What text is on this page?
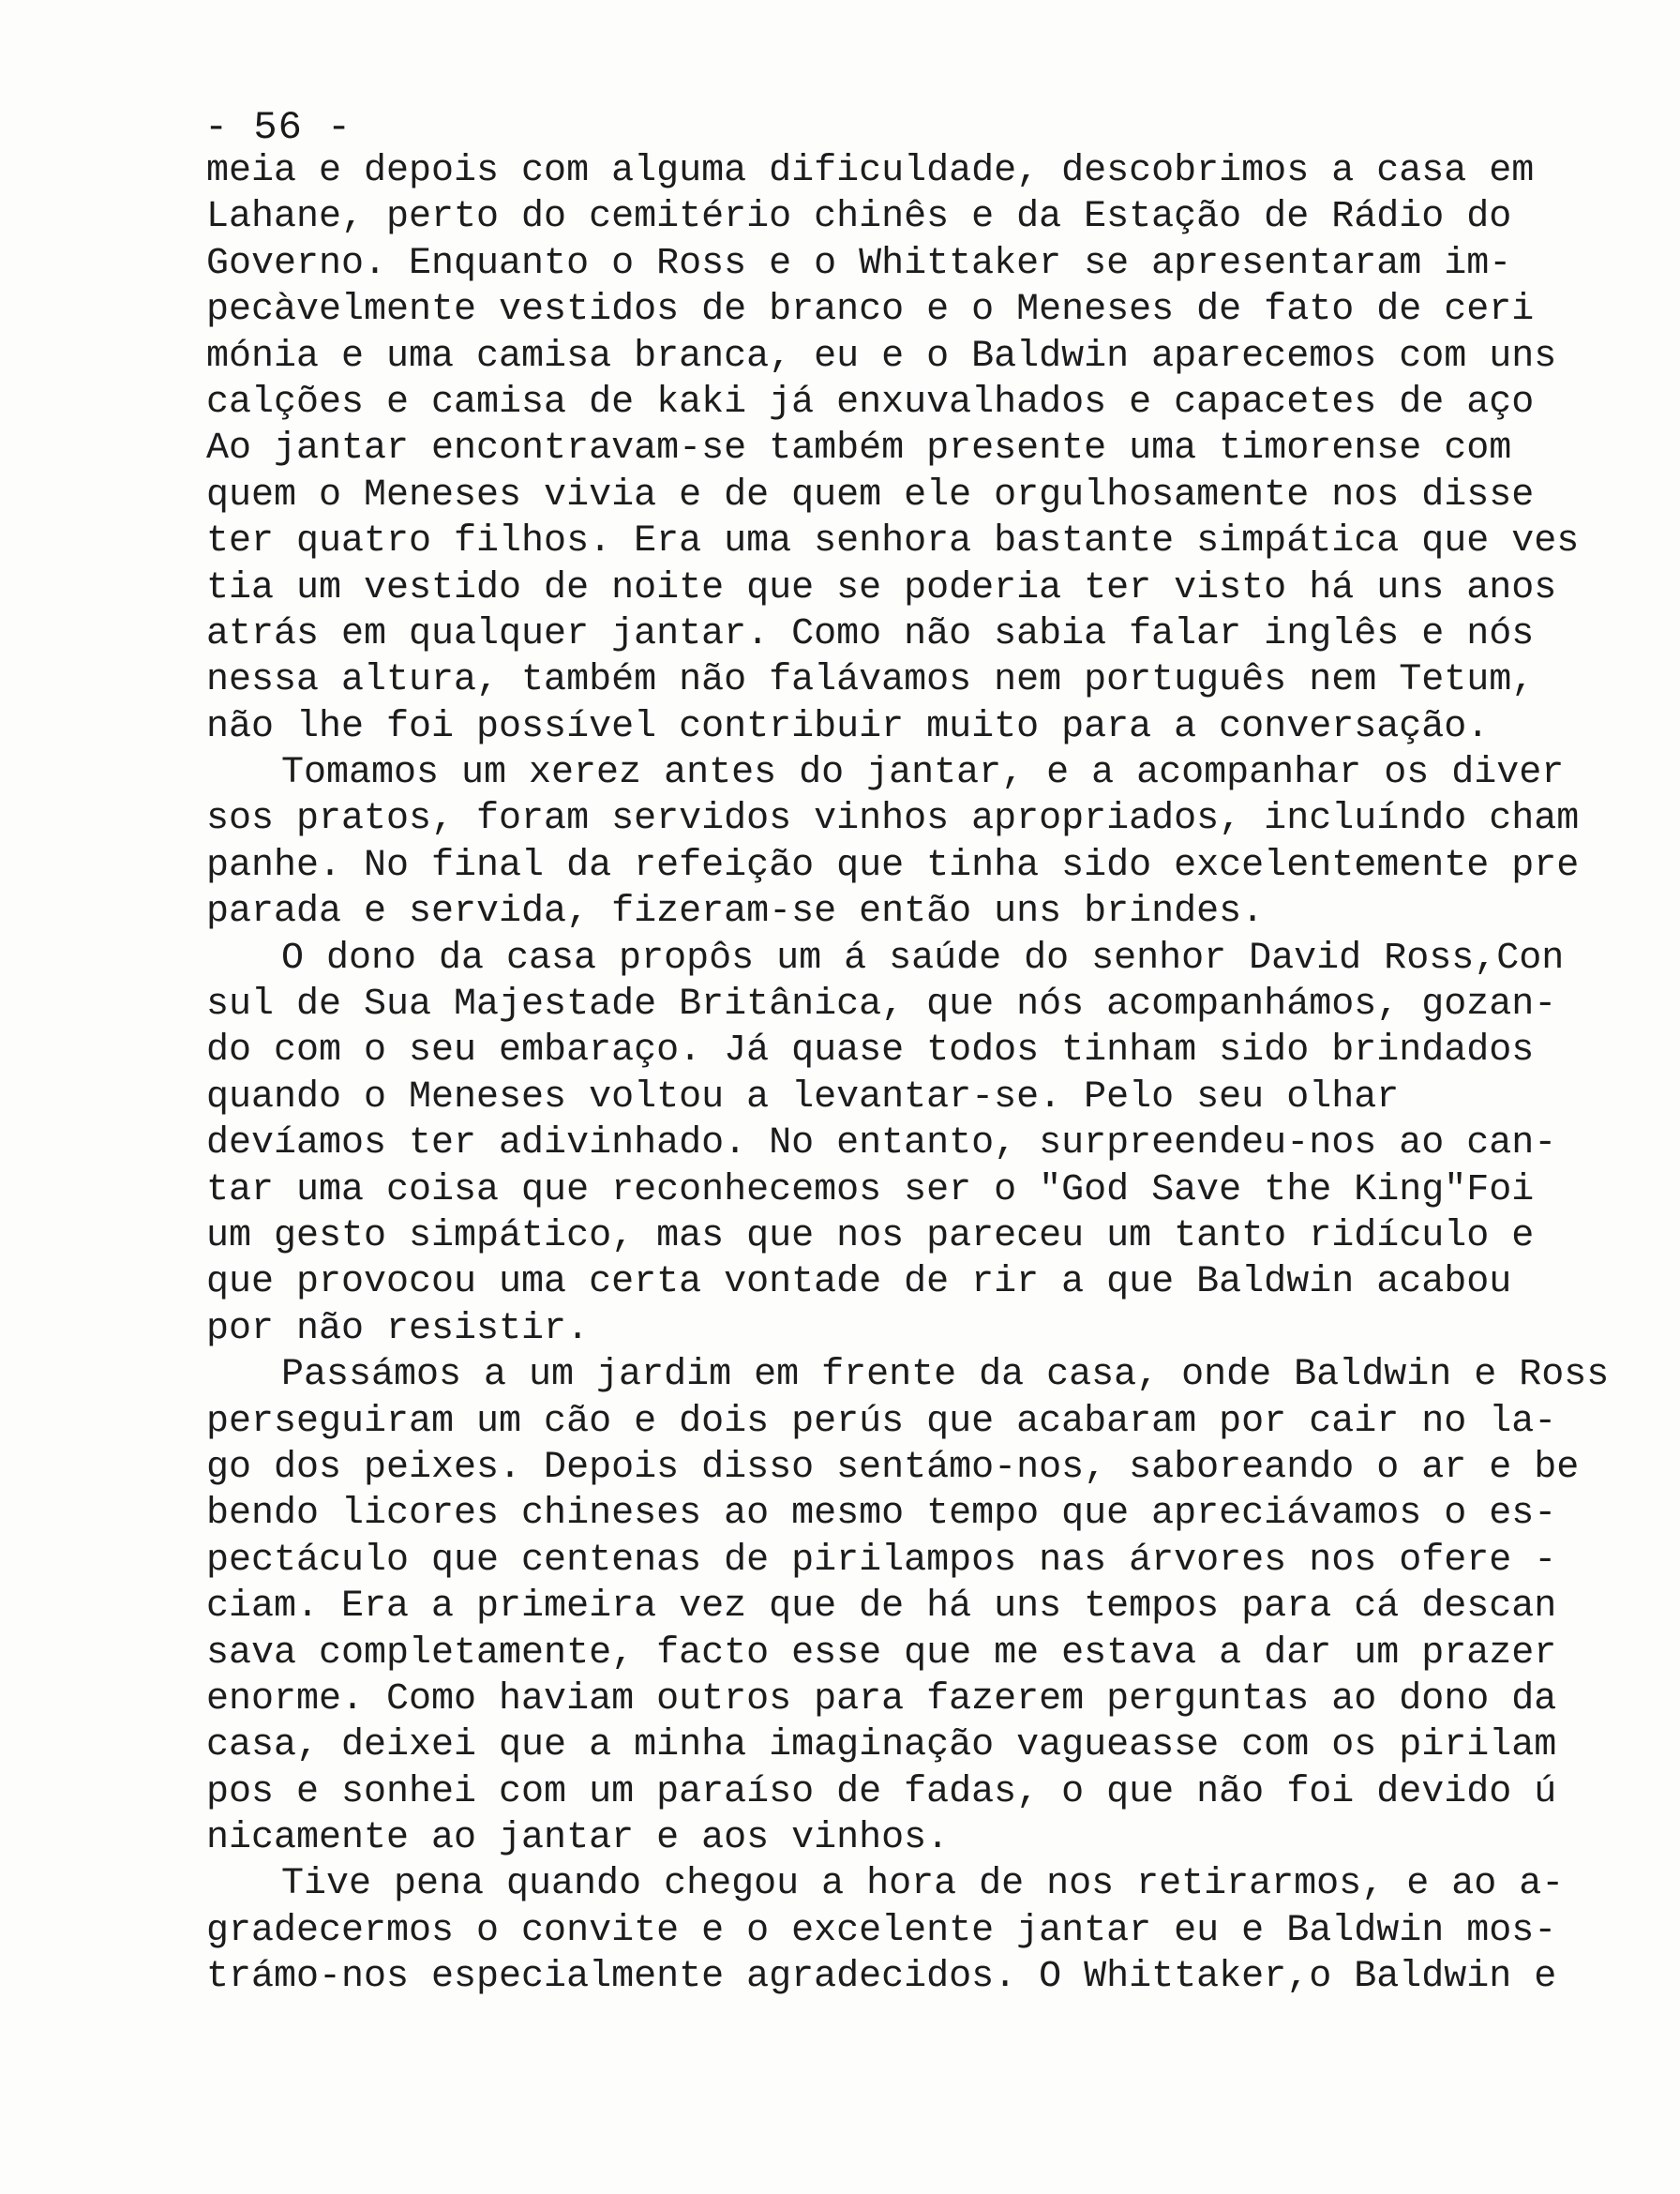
- 56 -
meia e depois com alguma dificuldade, descobrimos a casa em
Lahane, perto do cemitério chinês e da Estação de Rádio do
Governo. Enquanto o Ross e o Whittaker se apresentaram im-
pecàvelmente vestidos de branco e o Meneses de fato de ceri
mónia e uma camisa branca, eu e o Baldwin aparecemos com uns
calções e camisa de kaki já enxuvalhados e capacetes de aço
Ao jantar encontravam-se também presente uma timorense com
quem o Meneses vivia e de quem ele orgulhosamente nos disse
ter quatro filhos. Era uma senhora bastante simpática que ves
tia um vestido de noite que se poderia ter visto há uns anos
atrás em qualquer jantar. Como não sabia falar inglês e nós
nessa altura, também não falávamos nem português nem Tetum,
não lhe foi possível contribuir muito para a conversação.
Tomamos um xerez antes do jantar, e a acompanhar os diver
sos pratos, foram servidos vinhos apropriados, incluíndo cham
panhe. No final da refeição que tinha sido excelentemente pre
parada e servida, fizeram-se então uns brindes.
O dono da casa propôs um á saúde do senhor David Ross,Con
sul de Sua Majestade Britânica, que nós acompanhámos, gozan-
do com o seu embaraço. Já quase todos tinham sido brindados
quando o Meneses voltou a levantar-se. Pelo seu olhar
devíamos ter adivinhado. No entanto, surpreendeu-nos ao can-
tar uma coisa que reconhecemos ser o "God Save the King"Foi
um gesto simpático, mas que nos pareceu um tanto ridículo e
que provocou uma certa vontade de rir a que Baldwin acabou
por não resistir.
Passámos a um jardim em frente da casa, onde Baldwin e Ross
perseguiram um cão e dois perús que acabaram por cair no la-
go dos peixes. Depois disso sentámo-nos, saboreando o ar e be
bendo licores chineses ao mesmo tempo que apreciávamos o es-
pectáculo que centenas de pirilampos nas árvores nos ofere -
ciam. Era a primeira vez que de há uns tempos para cá descan
sava completamente, facto esse que me estava a dar um prazer
enorme. Como haviam outros para fazerem perguntas ao dono da
casa, deixei que a minha imaginação vagueasse com os pirilam
pos e sonhei com um paraíso de fadas, o que não foi devido ú
nicamente ao jantar e aos vinhos.
Tive pena quando chegou a hora de nos retirarmos, e ao a-
gradecermos o convite e o excelente jantar eu e Baldwin mos-
trámo-nos especialmente agradecidos. O Whittaker,o Baldwin e
